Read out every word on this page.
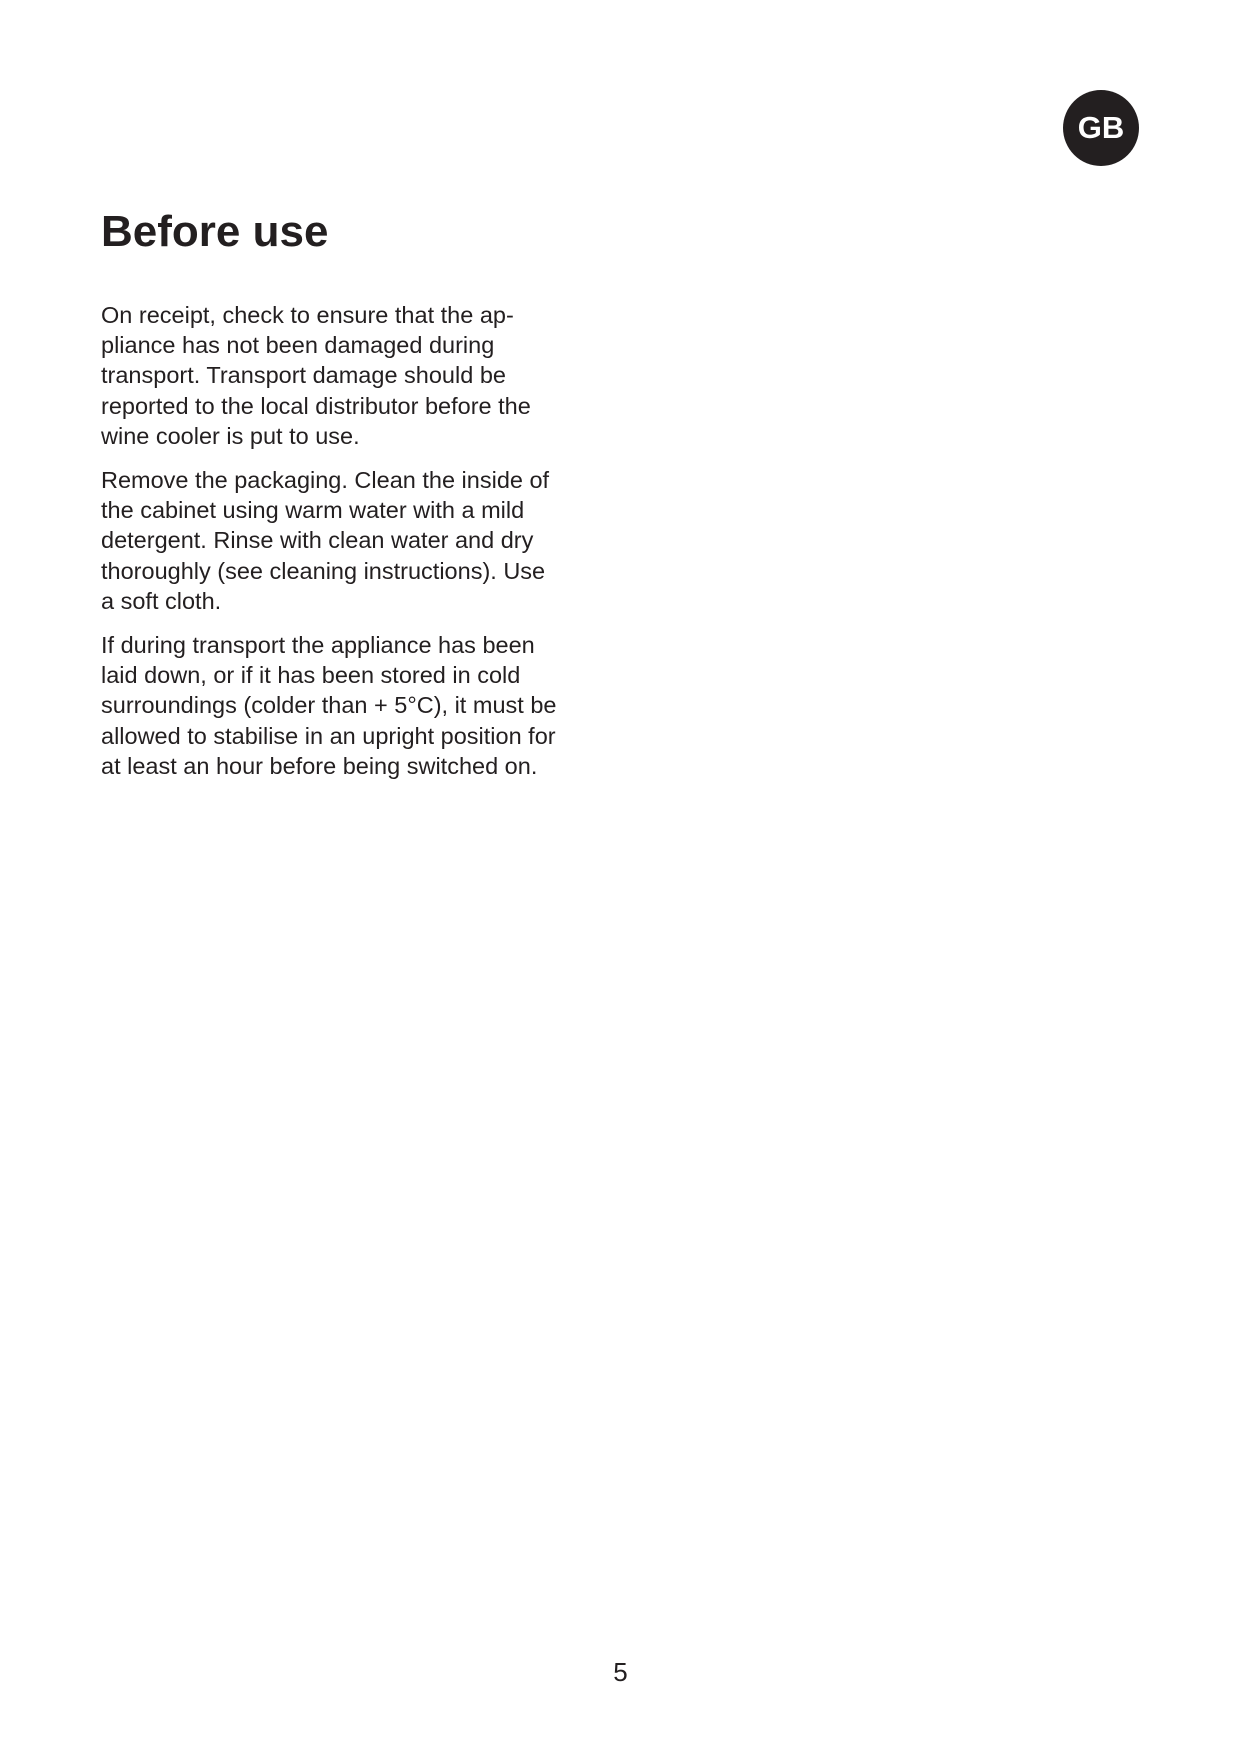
GB
Before use

On receipt, check to ensure that the ap-
pliance has not been damaged during
transport. Transport damage should be
reported to the local distributor before the
wine cooler is put to use.

Remove the packaging. Clean the inside of
the cabinet using warm water with a mild
detergent. Rinse with clean water and dry
thoroughly (see cleaning instructions). Use
a soft cloth.

If during transport the appliance has been
laid down, or if it has been stored in cold
surroundings (colder than + 5°C), it must be
allowed to stabilise in an upright position for
at least an hour before being switched on.

5
